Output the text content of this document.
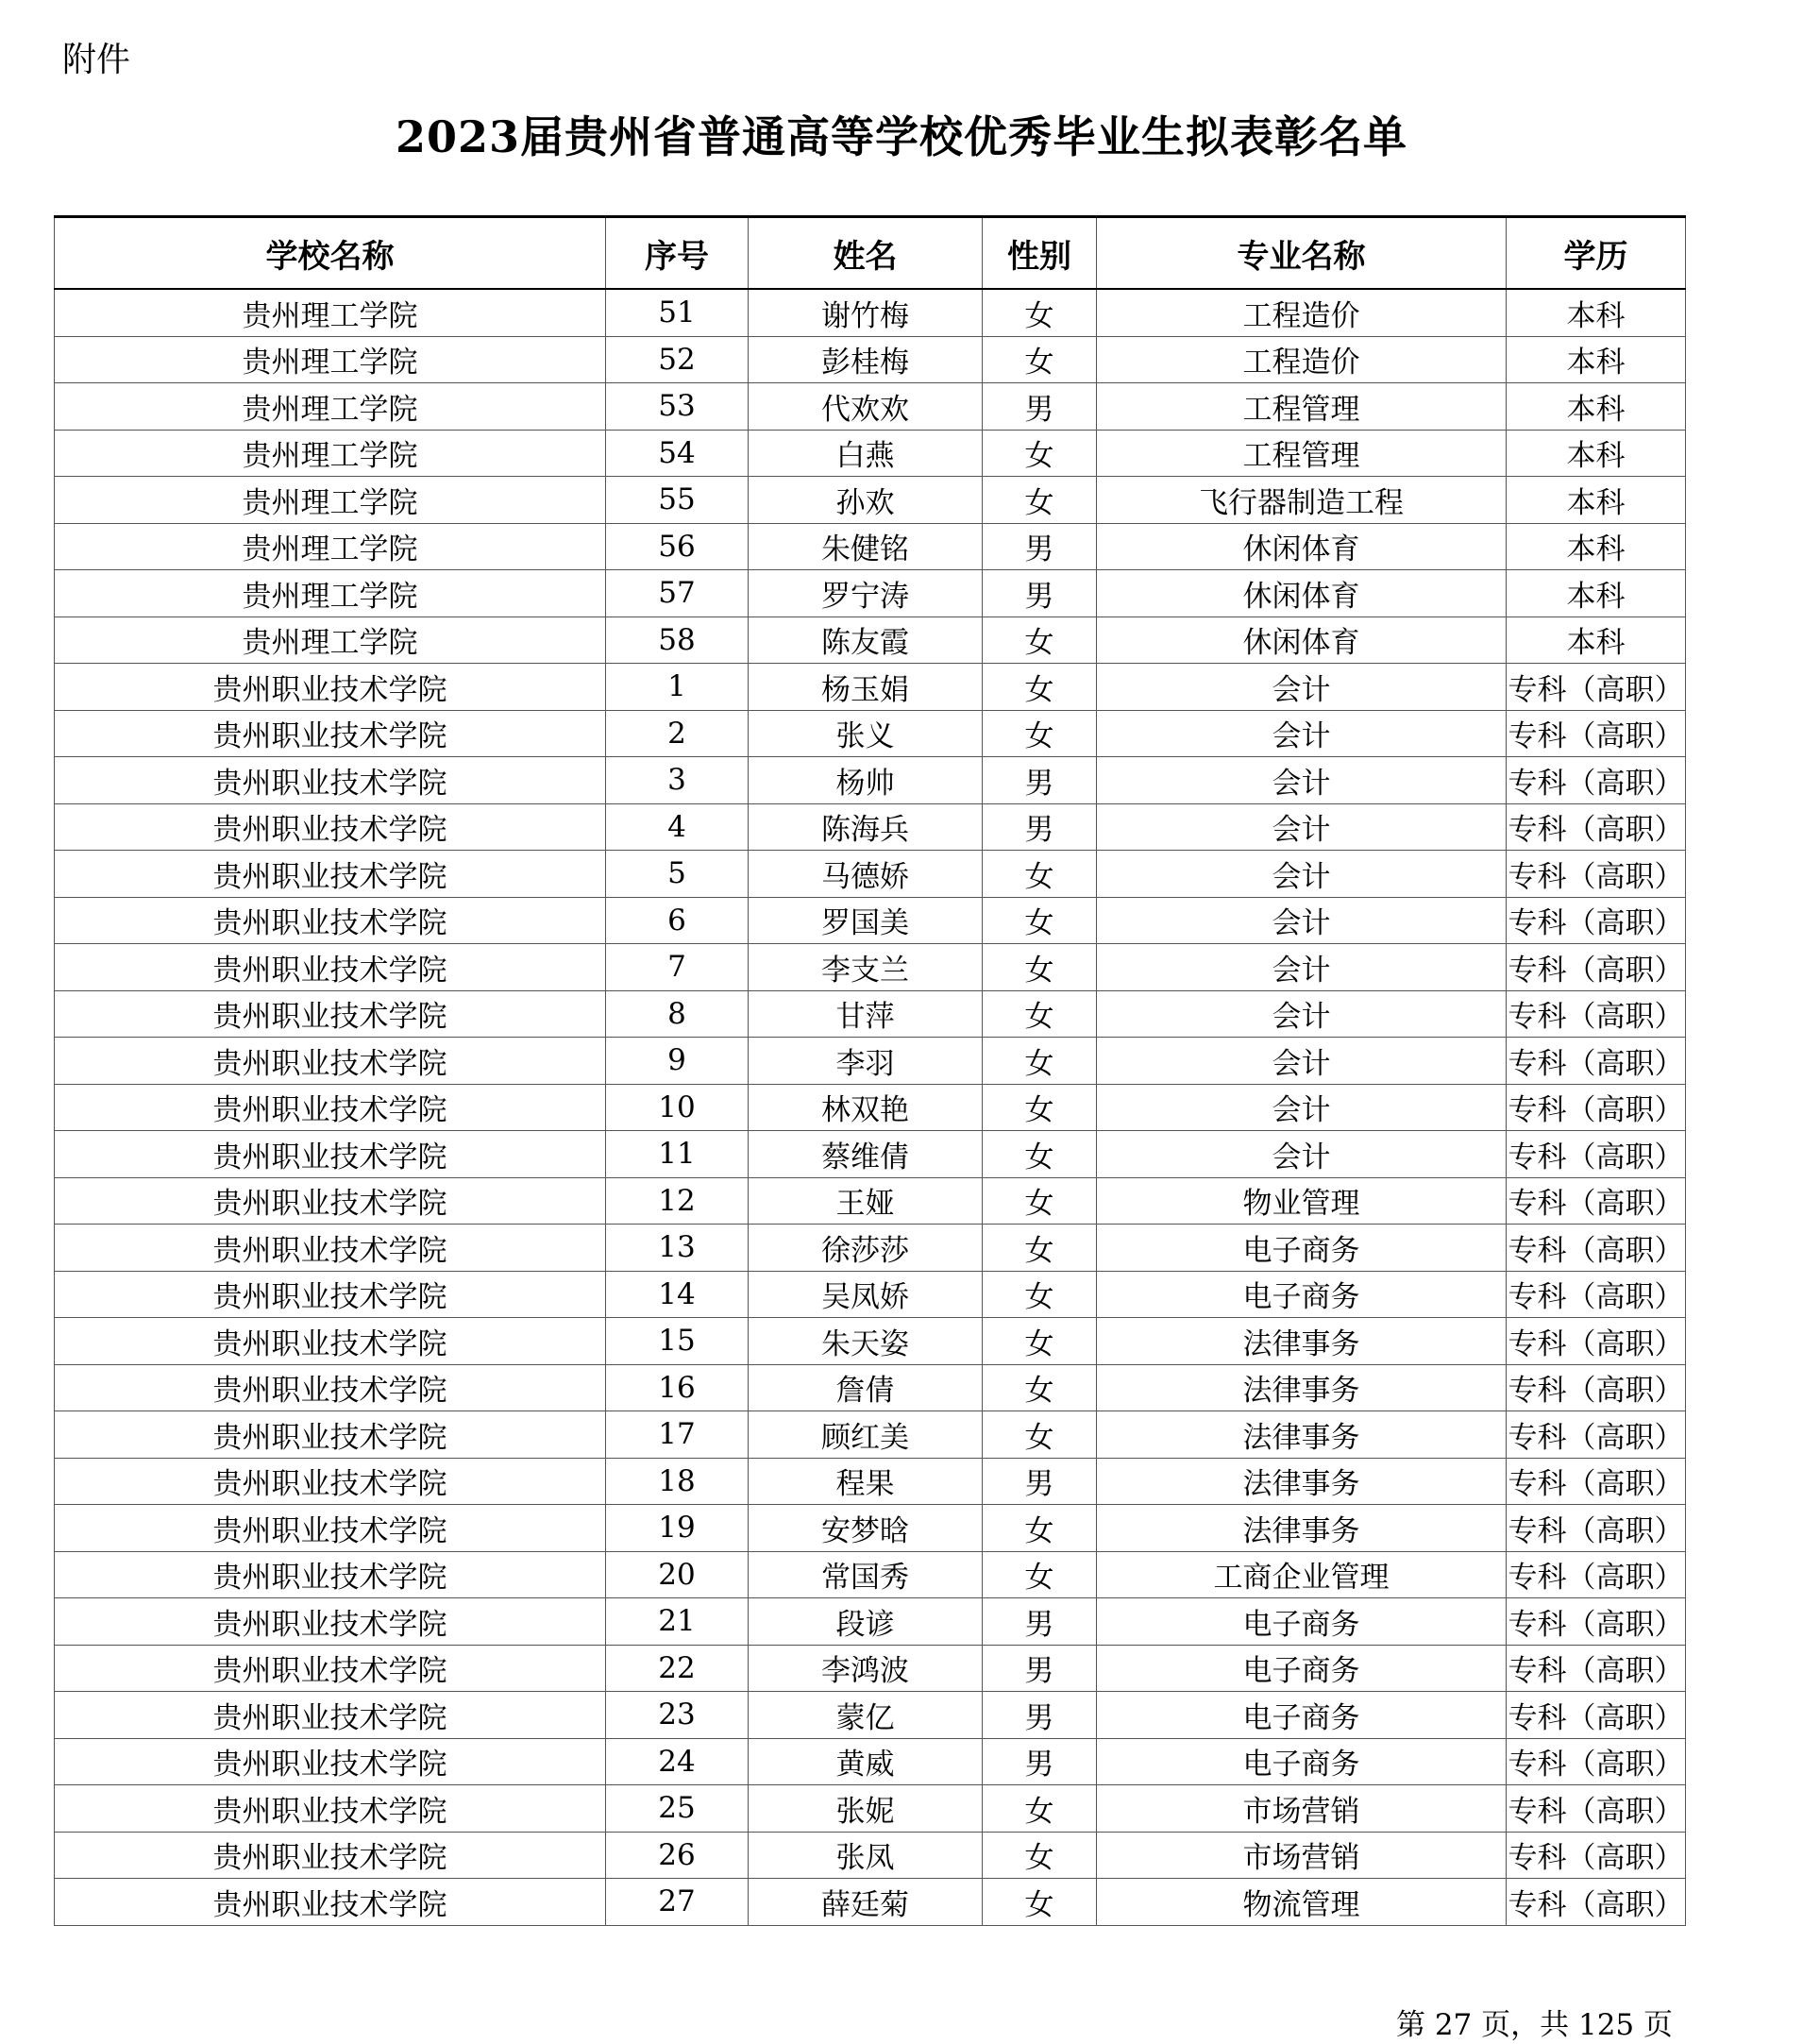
附件
2023届贵州省普通高等学校优秀毕业生拟表彰名单
学校名称	序号	姓名	性别	专业名称	学历
贵州理工学院	51	谢竹梅	女	工程造价	本科
贵州理工学院	52	彭桂梅	女	工程造价	本科
贵州理工学院	53	代欢欢	男	工程管理	本科
贵州理工学院	54	白燕	女	工程管理	本科
贵州理工学院	55	孙欢	女	飞行器制造工程	本科
贵州理工学院	56	朱健铭	男	休闲体育	本科
贵州理工学院	57	罗宁涛	男	休闲体育	本科
贵州理工学院	58	陈友霞	女	休闲体育	本科
贵州职业技术学院	1	杨玉娟	女	会计	专科（高职）
贵州职业技术学院	2	张义	女	会计	专科（高职）
贵州职业技术学院	3	杨帅	男	会计	专科（高职）
贵州职业技术学院	4	陈海兵	男	会计	专科（高职）
贵州职业技术学院	5	马德娇	女	会计	专科（高职）
贵州职业技术学院	6	罗国美	女	会计	专科（高职）
贵州职业技术学院	7	李支兰	女	会计	专科（高职）
贵州职业技术学院	8	甘萍	女	会计	专科（高职）
贵州职业技术学院	9	李羽	女	会计	专科（高职）
贵州职业技术学院	10	林双艳	女	会计	专科（高职）
贵州职业技术学院	11	蔡维倩	女	会计	专科（高职）
贵州职业技术学院	12	王娅	女	物业管理	专科（高职）
贵州职业技术学院	13	徐莎莎	女	电子商务	专科（高职）
贵州职业技术学院	14	吴凤娇	女	电子商务	专科（高职）
贵州职业技术学院	15	朱天姿	女	法律事务	专科（高职）
贵州职业技术学院	16	詹倩	女	法律事务	专科（高职）
贵州职业技术学院	17	顾红美	女	法律事务	专科（高职）
贵州职业技术学院	18	程果	男	法律事务	专科（高职）
贵州职业技术学院	19	安梦晗	女	法律事务	专科（高职）
贵州职业技术学院	20	常国秀	女	工商企业管理	专科（高职）
贵州职业技术学院	21	段谚	男	电子商务	专科（高职）
贵州职业技术学院	22	李鸿波	男	电子商务	专科（高职）
贵州职业技术学院	23	蒙亿	男	电子商务	专科（高职）
贵州职业技术学院	24	黄威	男	电子商务	专科（高职）
贵州职业技术学院	25	张妮	女	市场营销	专科（高职）
贵州职业技术学院	26	张凤	女	市场营销	专科（高职）
贵州职业技术学院	27	薛廷菊	女	物流管理	专科（高职）
第 27 页，共 125 页
